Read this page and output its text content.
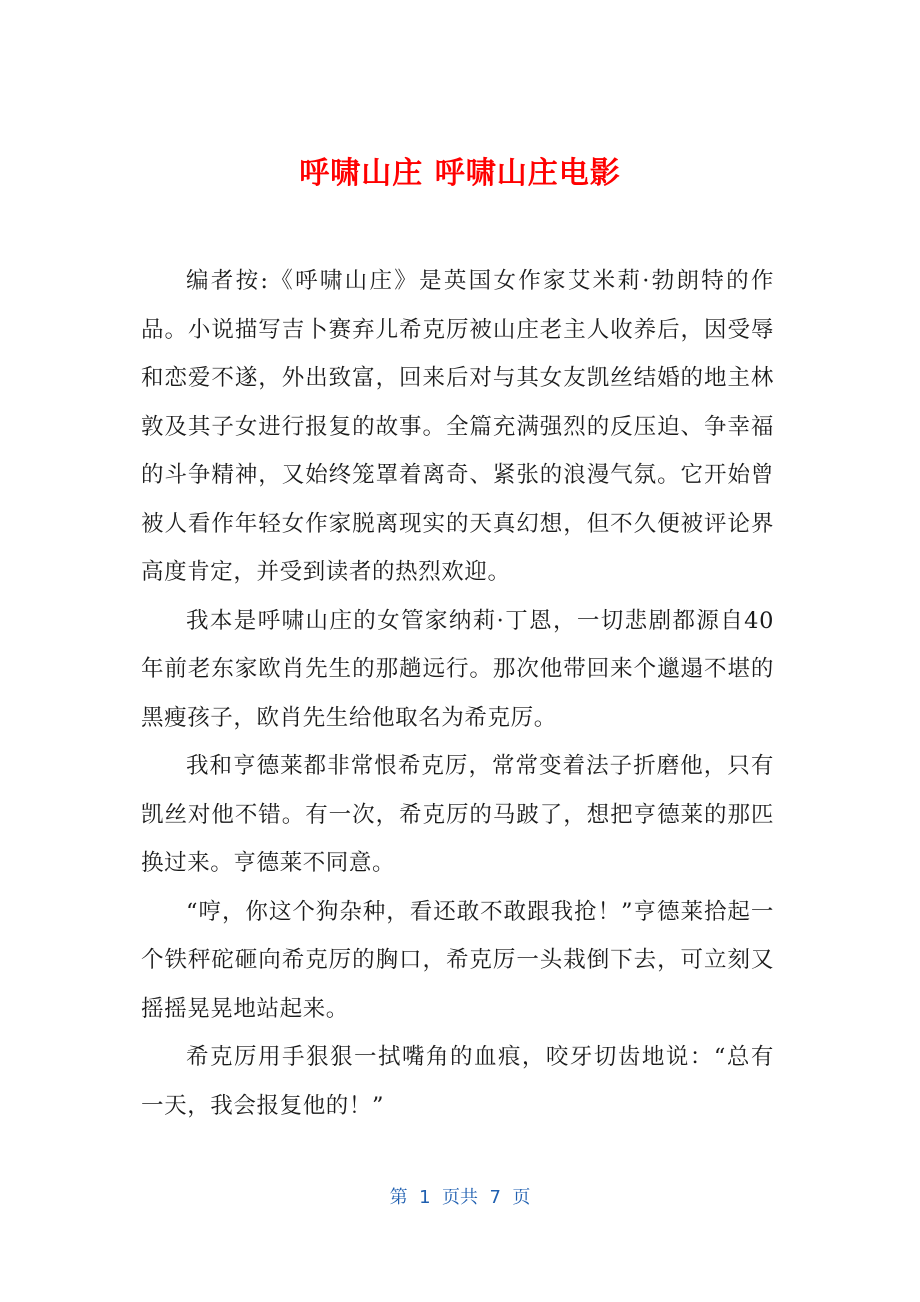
呼啸山庄 呼啸山庄电影

编者按:《呼啸山庄》是英国女作家艾米莉·勃朗特的作品。小说描写吉卜赛弃儿希克厉被山庄老主人收养后，因受辱和恋爱不遂，外出致富，回来后对与其女友凯丝结婚的地主林敦及其子女进行报复的故事。全篇充满强烈的反压迫、争幸福的斗争精神，又始终笼罩着离奇、紧张的浪漫气氛。它开始曾被人看作年轻女作家脱离现实的天真幻想，但不久便被评论界高度肯定，并受到读者的热烈欢迎。

我本是呼啸山庄的女管家纳莉·丁恩，一切悲剧都源自40年前老东家欧肖先生的那趟远行。那次他带回来个邋遢不堪的黑瘦孩子，欧肖先生给他取名为希克厉。

我和亨德莱都非常恨希克厉，常常变着法子折磨他，只有凯丝对他不错。有一次，希克厉的马跛了，想把亨德莱的那匹换过来。亨德莱不同意。

“哼，你这个狗杂种，看还敢不敢跟我抢！”亨德莱拾起一个铁秤砣砸向希克厉的胸口，希克厉一头栽倒下去，可立刻又摇摇晃晃地站起来。

希克厉用手狠狠一拭嘴角的血痕，咬牙切齿地说：“总有一天，我会报复他的！”

第  1  页共  7  页
